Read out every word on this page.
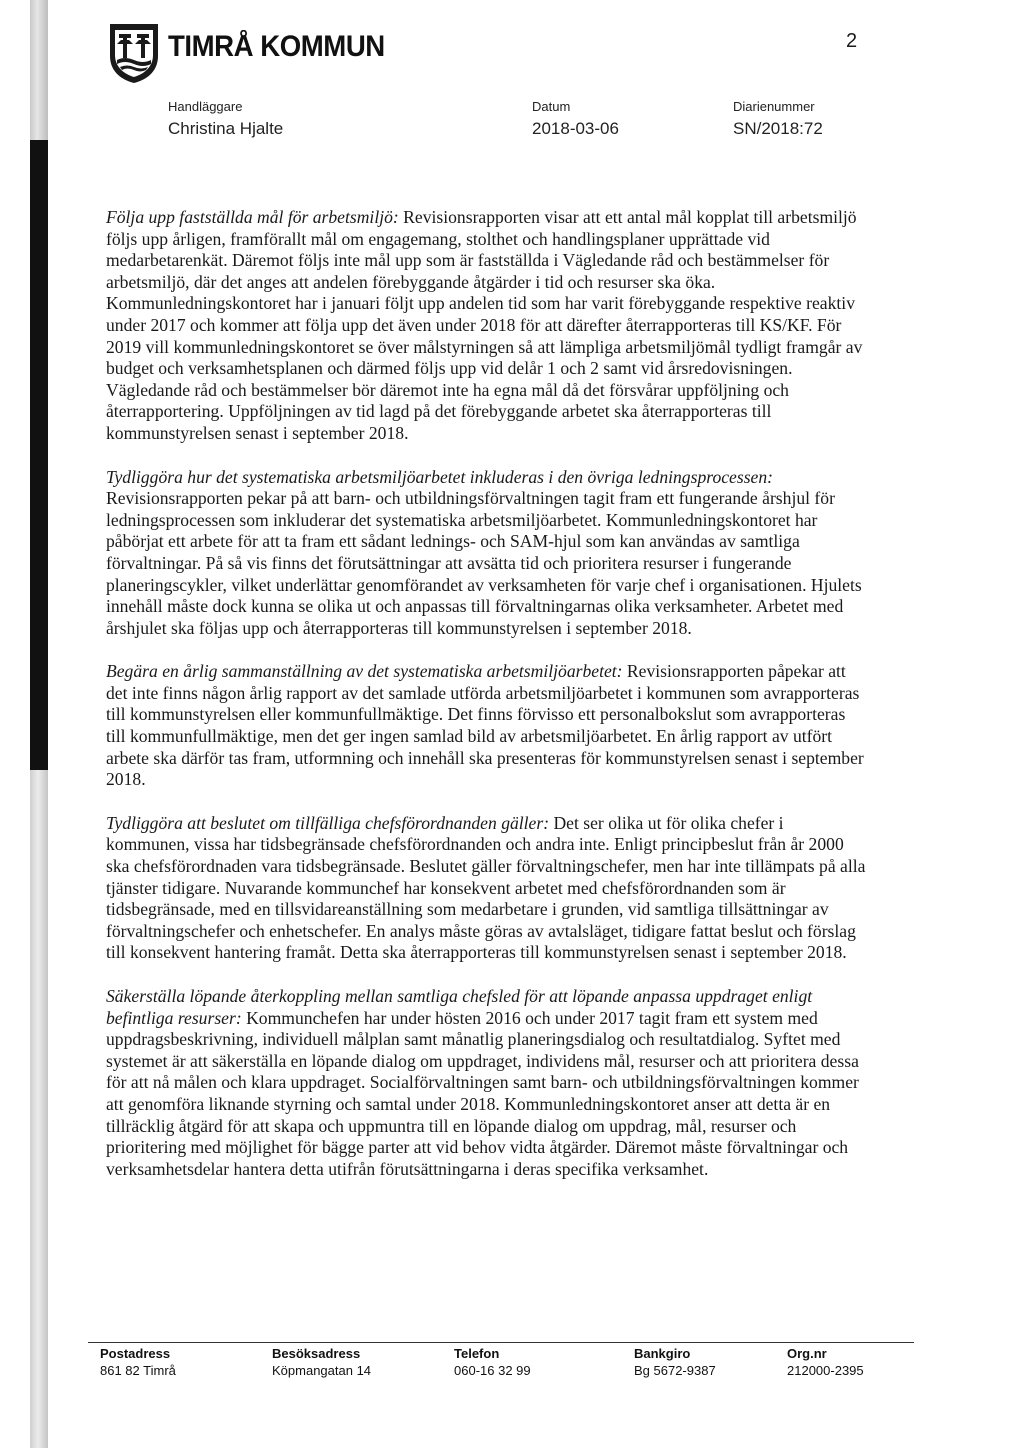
TIMRÅ KOMMUN	2
Handläggare
Christina Hjalte
Datum
2018-03-06
Diarienummer
SN/2018:72

Följa upp fastställda mål för arbetsmiljö: Revisionsrapporten visar att ett antal mål kopplat till arbetsmiljö följs upp årligen, framförallt mål om engagemang, stolthet och handlingsplaner upprättade vid medarbetarenkät. Däremot följs inte mål upp som är fastställda i Vägledande råd och bestämmelser för arbetsmiljö, där det anges att andelen förebyggande åtgärder i tid och resurser ska öka. Kommunledningskontoret har i januari följt upp andelen tid som har varit förebyggande respektive reaktiv under 2017 och kommer att följa upp det även under 2018 för att därefter återrapporteras till KS/KF. För 2019 vill kommunledningskontoret se över målstyrningen så att lämpliga arbetsmiljömål tydligt framgår av budget och verksamhetsplanen och därmed följs upp vid delår 1 och 2 samt vid årsredovisningen. Vägledande råd och bestämmelser bör däremot inte ha egna mål då det försvårar uppföljning och återrapportering. Uppföljningen av tid lagd på det förebyggande arbetet ska återrapporteras till kommunstyrelsen senast i september 2018.

Tydliggöra hur det systematiska arbetsmiljöarbetet inkluderas i den övriga ledningsprocessen: Revisionsrapporten pekar på att barn- och utbildningsförvaltningen tagit fram ett fungerande årshjul för ledningsprocessen som inkluderar det systematiska arbetsmiljöarbetet. Kommunledningskontoret har påbörjat ett arbete för att ta fram ett sådant lednings- och SAM-hjul som kan användas av samtliga förvaltningar. På så vis finns det förutsättningar att avsätta tid och prioritera resurser i fungerande planeringscykler, vilket underlättar genomförandet av verksamheten för varje chef i organisationen. Hjulets innehåll måste dock kunna se olika ut och anpassas till förvaltningarnas olika verksamheter. Arbetet med årshjulet ska följas upp och återrapporteras till kommunstyrelsen i september 2018.

Begära en årlig sammanställning av det systematiska arbetsmiljöarbetet: Revisionsrapporten påpekar att det inte finns någon årlig rapport av det samlade utförda arbetsmiljöarbetet i kommunen som avrapporteras till kommunstyrelsen eller kommunfullmäktige. Det finns förvisso ett personalbokslut som avrapporteras till kommunfullmäktige, men det ger ingen samlad bild av arbetsmiljöarbetet. En årlig rapport av utfört arbete ska därför tas fram, utformning och innehåll ska presenteras för kommunstyrelsen senast i september 2018.

Tydliggöra att beslutet om tillfälliga chefsförordnanden gäller: Det ser olika ut för olika chefer i kommunen, vissa har tidsbegränsade chefsförordnanden och andra inte. Enligt principbeslut från år 2000 ska chefsförordnaden vara tidsbegränsade. Beslutet gäller förvaltningschefer, men har inte tillämpats på alla tjänster tidigare. Nuvarande kommunchef har konsekvent arbetet med chefsförordnanden som är tidsbegränsade, med en tillsvidareanställning som medarbetare i grunden, vid samtliga tillsättningar av förvaltningschefer och enhetschefer. En analys måste göras av avtalsläget, tidigare fattat beslut och förslag till konsekvent hantering framåt. Detta ska återrapporteras till kommunstyrelsen senast i september 2018.

Säkerställa löpande återkoppling mellan samtliga chefsled för att löpande anpassa uppdraget enligt befintliga resurser: Kommunchefen har under hösten 2016 och under 2017 tagit fram ett system med uppdragsbeskrivning, individuell målplan samt månatlig planeringsdialog och resultatdialog. Syftet med systemet är att säkerställa en löpande dialog om uppdraget, individens mål, resurser och att prioritera dessa för att nå målen och klara uppdraget. Socialförvaltningen samt barn- och utbildningsförvaltningen kommer att genomföra liknande styrning och samtal under 2018. Kommunledningskontoret anser att detta är en tillräcklig åtgärd för att skapa och uppmuntra till en löpande dialog om uppdrag, mål, resurser och prioritering med möjlighet för bägge parter att vid behov vidta åtgärder. Däremot måste förvaltningar och verksamhetsdelar hantera detta utifrån förutsättningarna i deras specifika verksamhet.

Postadress
861 82 Timrå
Besöksadress
Köpmangatan 14
Telefon
060-16 32 99
Bankgiro
Bg 5672-9387
Org.nr
212000-2395
